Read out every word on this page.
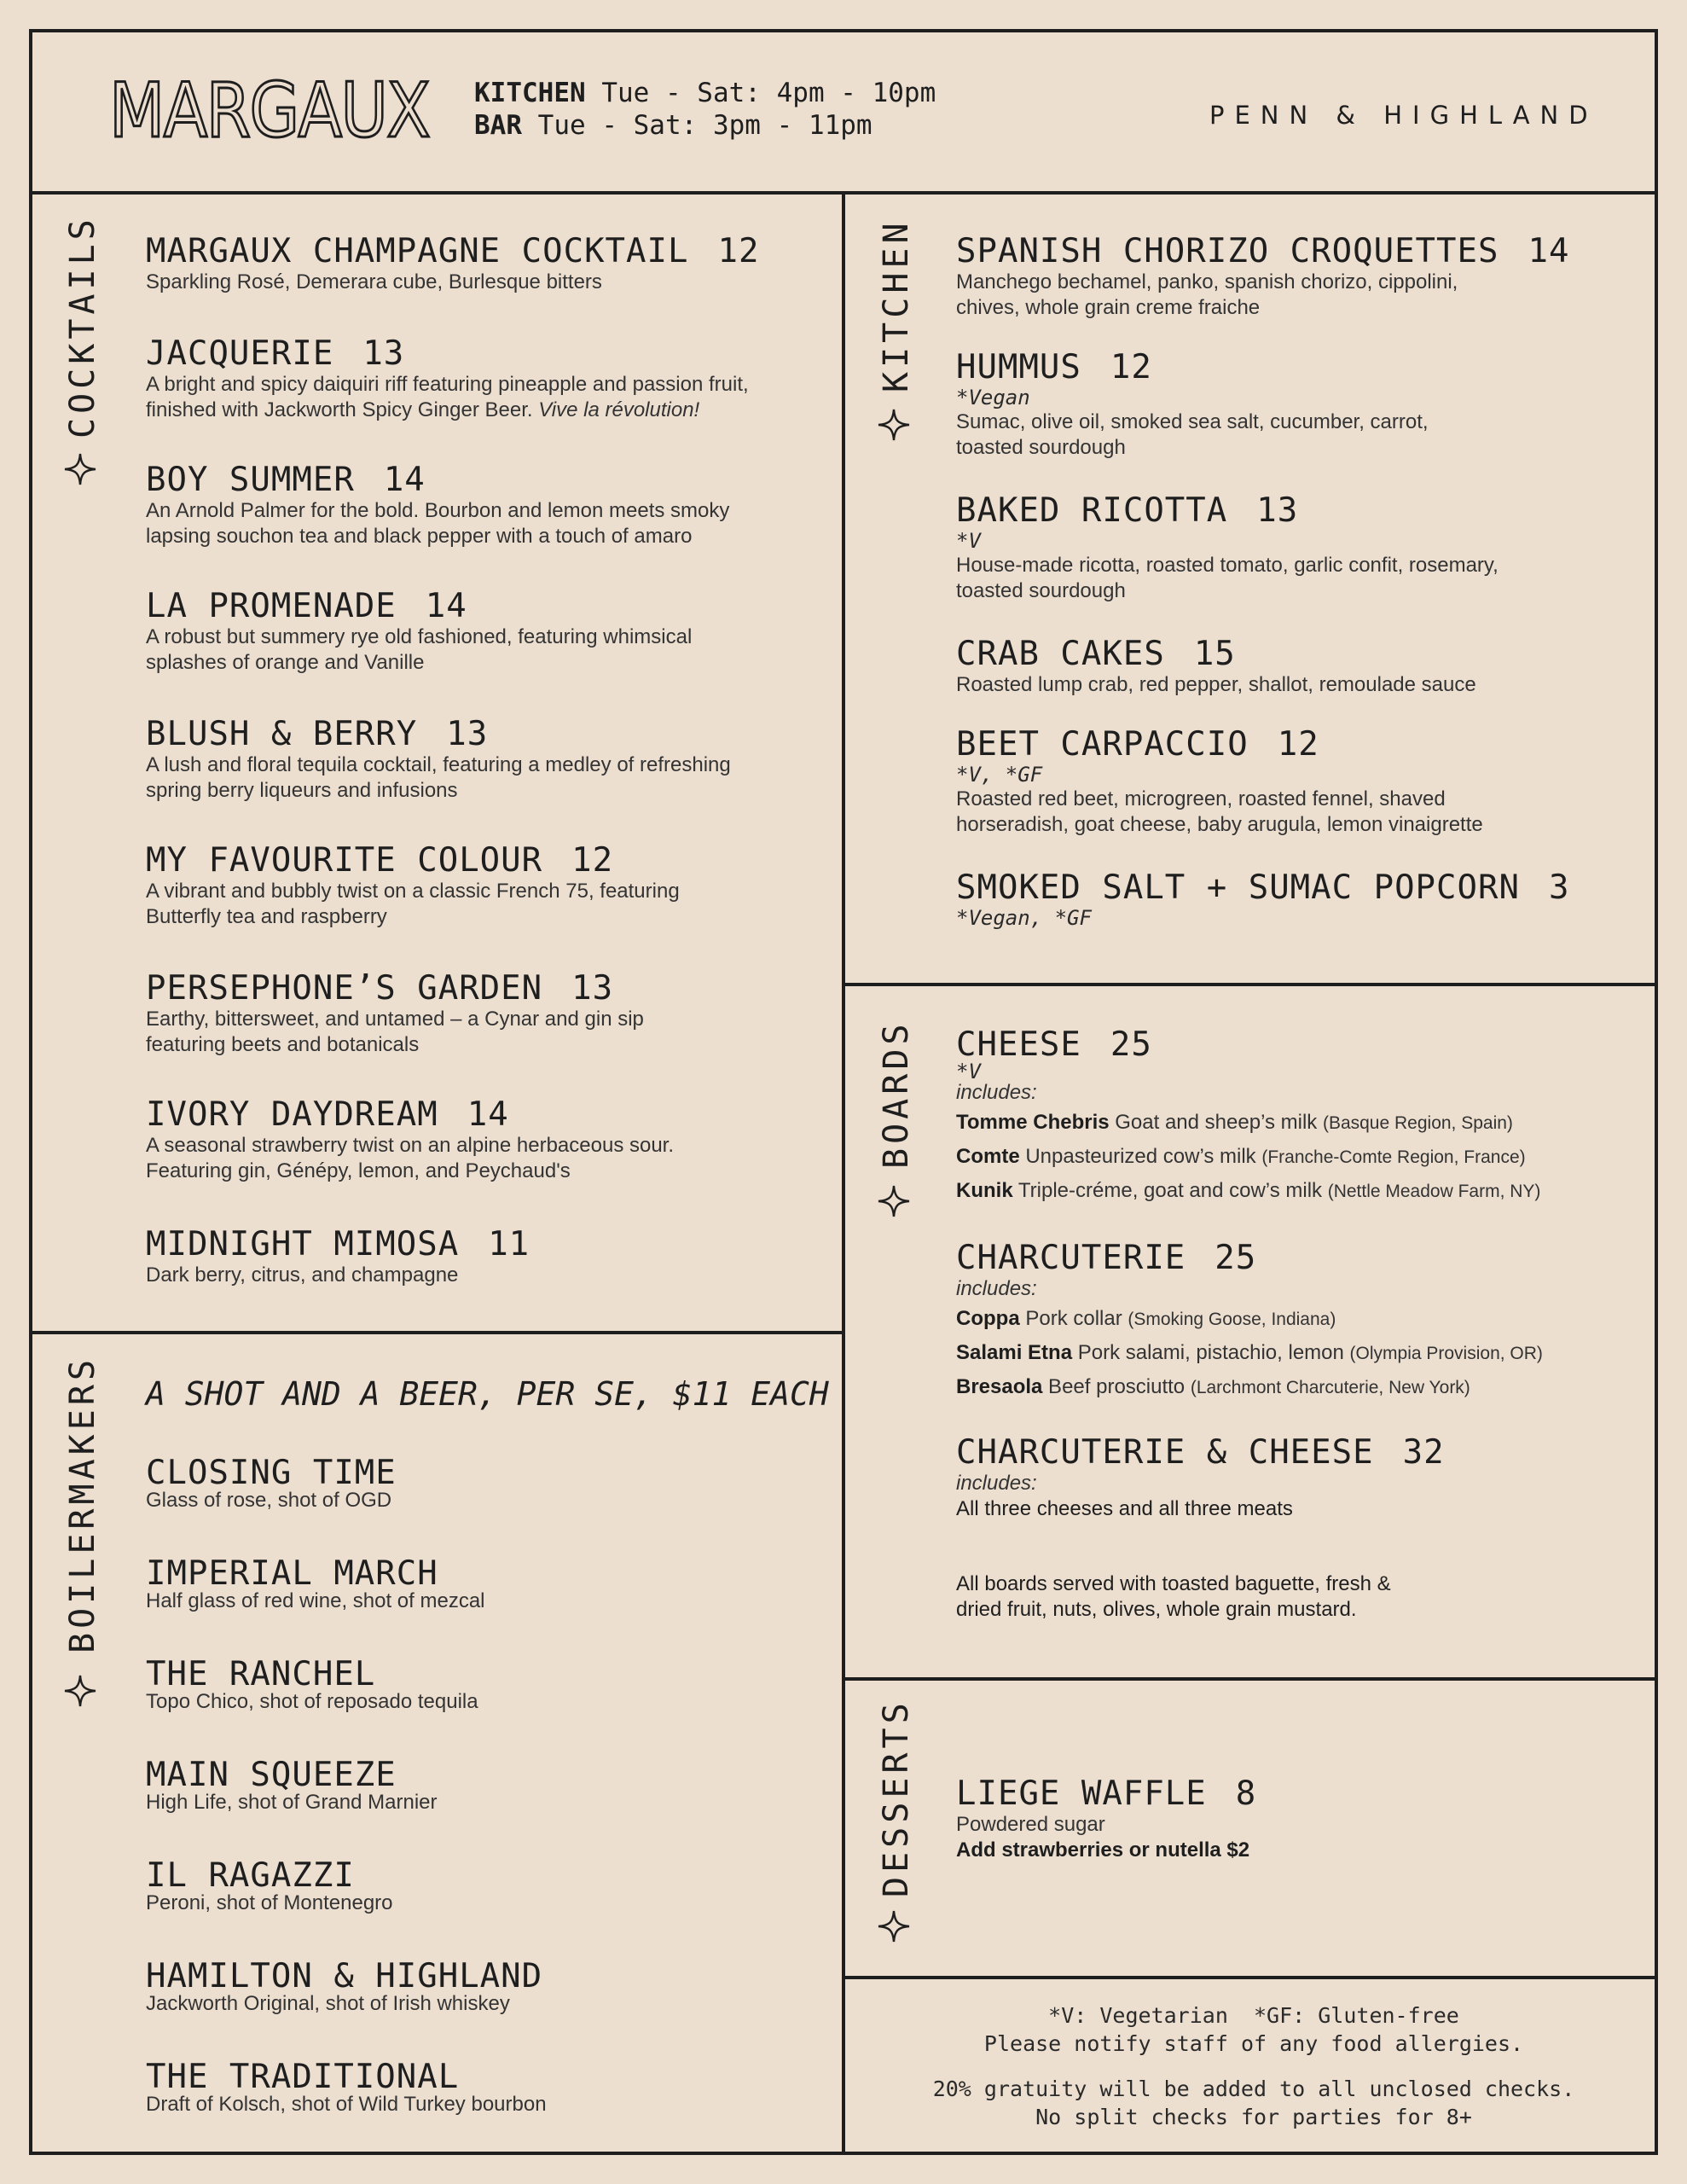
MARGAUX KITCHEN Tue - Sat: 4pm - 10pm
BAR Tue - Sat: 3pm - 11pm	PENN & HIGHLAND
COCKTAILS
BOILERMAKERS
KITCHEN
BOARDS
DESSERTS
MARGAUX CHAMPAGNE COCKTAIL 12
Sparkling Rosé, Demerara cube, Burlesque bitters
JACQUERIE 13
A bright and spicy daiquiri riff featuring pineapple and passion fruit,
finished with Jackworth Spicy Ginger Beer. Vive la révolution!
BOY SUMMER 14
An Arnold Palmer for the bold. Bourbon and lemon meets smoky
lapsing souchon tea and black pepper with a touch of amaro
LA PROMENADE 14
A robust but summery rye old fashioned, featuring whimsical
splashes of orange and Vanille
BLUSH & BERRY 13
A lush and floral tequila cocktail, featuring a medley of refreshing
spring berry liqueurs and infusions
MY FAVOURITE COLOUR 12
A vibrant and bubbly twist on a classic French 75, featuring
Butterfly tea and raspberry
PERSEPHONE’S GARDEN 13
Earthy, bittersweet, and untamed – a Cynar and gin sip
featuring beets and botanicals
IVORY DAYDREAM 14
A seasonal strawberry twist on an alpine herbaceous sour.
Featuring gin, Génépy, lemon, and Peychaud's
MIDNIGHT MIMOSA 11
Dark berry, citrus, and champagne
A SHOT AND A BEER, PER SE, $11 EACH
CLOSING TIME
Glass of rose, shot of OGD
IMPERIAL MARCH
Half glass of red wine, shot of mezcal
THE RANCHEL
Topo Chico, shot of reposado tequila
MAIN SQUEEZE
High Life, shot of Grand Marnier
IL RAGAZZI
Peroni, shot of Montenegro
HAMILTON & HIGHLAND
Jackworth Original, shot of Irish whiskey
THE TRADITIONAL
Draft of Kolsch, shot of Wild Turkey bourbon
SPANISH CHORIZO CROQUETTES 14
Manchego bechamel, panko, spanish chorizo, cippolini,
chives, whole grain creme fraiche
HUMMUS 12
*Vegan
Sumac, olive oil, smoked sea salt, cucumber, carrot,
toasted sourdough
BAKED RICOTTA 13
*V
House-made ricotta, roasted tomato, garlic confit, rosemary,
toasted sourdough
CRAB CAKES 15
Roasted lump crab, red pepper, shallot, remoulade sauce
BEET CARPACCIO 12
*V, *GF
Roasted red beet, microgreen, roasted fennel, shaved
horseradish, goat cheese, baby arugula, lemon vinaigrette
SMOKED SALT + SUMAC POPCORN 3
*Vegan, *GF
CHEESE 25
*V
includes:
Tomme Chebris Goat and sheep’s milk (Basque Region, Spain)
Comte Unpasteurized cow’s milk (Franche-Comte Region, France)
Kunik Triple-créme, goat and cow’s milk (Nettle Meadow Farm, NY)
CHARCUTERIE 25
includes:
Coppa Pork collar (Smoking Goose, Indiana)
Salami Etna Pork salami, pistachio, lemon (Olympia Provision, OR)
Bresaola Beef prosciutto (Larchmont Charcuterie, New York)
CHARCUTERIE & CHEESE 32
includes:
All three cheeses and all three meats
All boards served with toasted baguette, fresh &
dried fruit, nuts, olives, whole grain mustard.
LIEGE WAFFLE 8
Powdered sugar
Add strawberries or nutella $2
*V: Vegetarian  *GF: Gluten-free
Please notify staff of any food allergies.
20% gratuity will be added to all unclosed checks.
No split checks for parties for 8+
